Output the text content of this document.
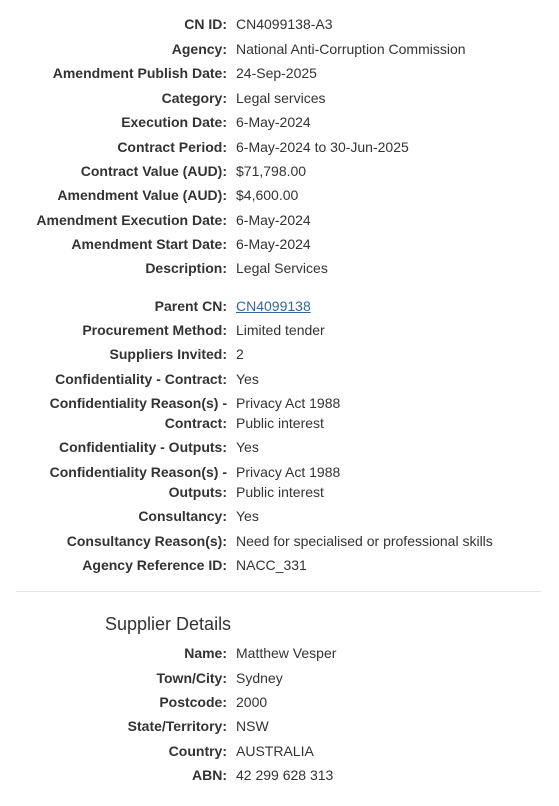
CN ID: CN4099138-A3
Agency: National Anti-Corruption Commission
Amendment Publish Date: 24-Sep-2025
Category: Legal services
Execution Date: 6-May-2024
Contract Period: 6-May-2024 to 30-Jun-2025
Contract Value (AUD): $71,798.00
Amendment Value (AUD): $4,600.00
Amendment Execution Date: 6-May-2024
Amendment Start Date: 6-May-2024
Description: Legal Services
Parent CN: CN4099138
Procurement Method: Limited tender
Suppliers Invited: 2
Confidentiality - Contract: Yes
Confidentiality Reason(s) -
Contract:
Privacy Act 1988
Public interest
Confidentiality - Outputs: Yes
Confidentiality Reason(s) -
Outputs:
Privacy Act 1988
Public interest
Consultancy: Yes
Consultancy Reason(s): Need for specialised or professional skills
Agency Reference ID: NACC_331
Supplier Details
Name: Matthew Vesper
Town/City: Sydney
Postcode: 2000
State/Territory: NSW
Country: AUSTRALIA
ABN: 42 299 628 313
